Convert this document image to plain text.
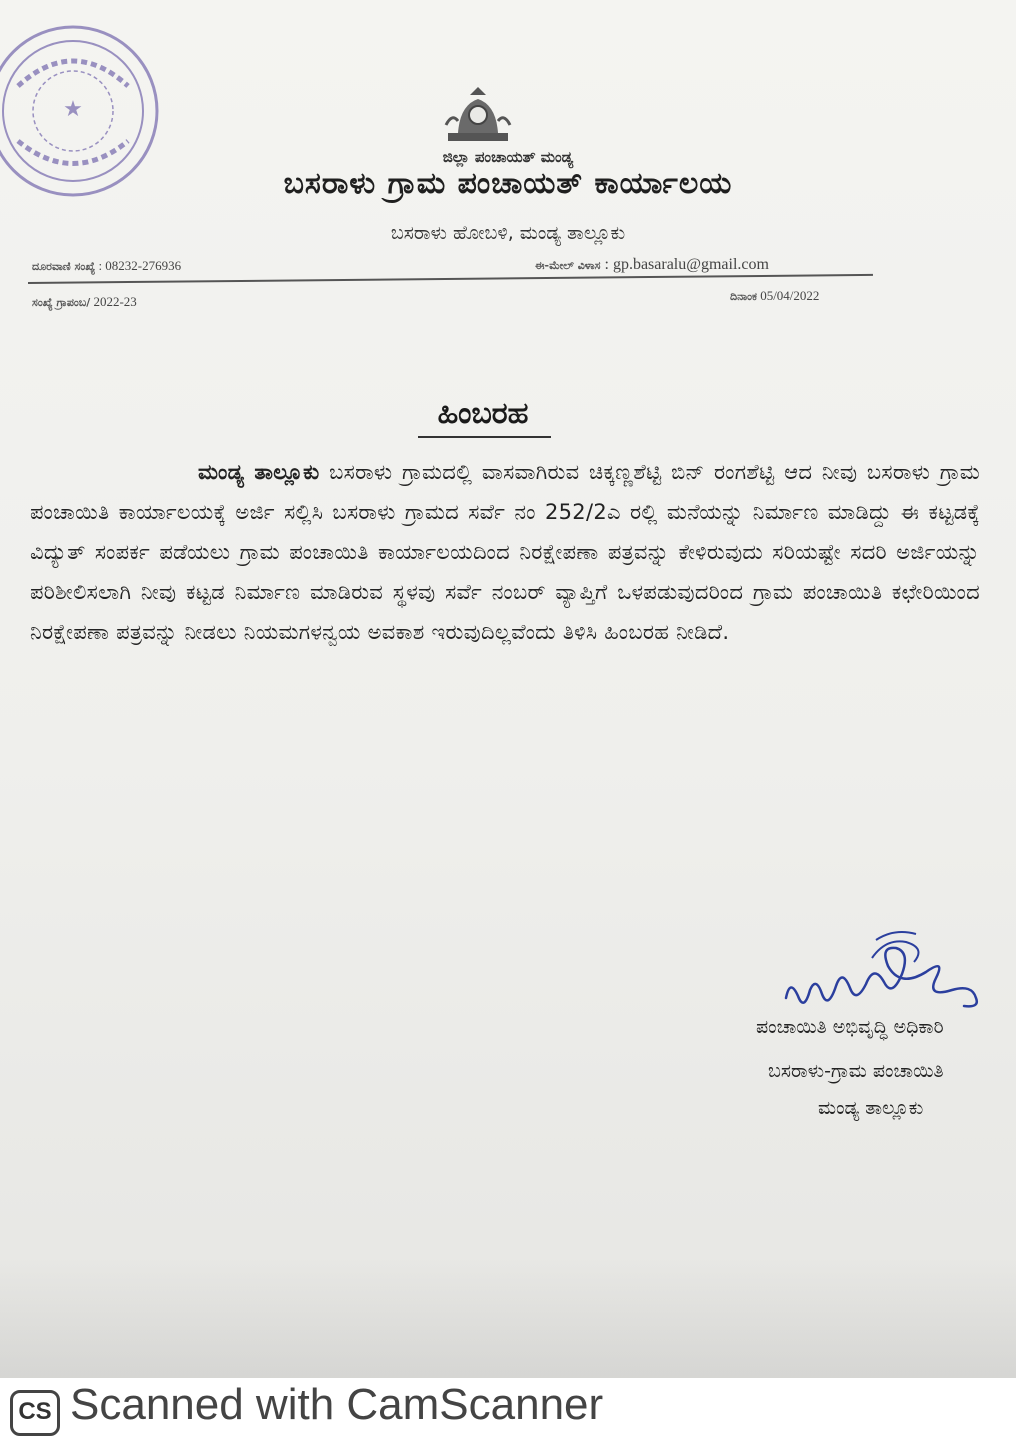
★
ಜಿಲ್ಲಾ ಪಂಚಾಯತ್ ಮಂಡ್ಯ
ಬಸರಾಳು ಗ್ರಾಮ ಪಂಚಾಯತ್ ಕಾರ್ಯಾಲಯ
ಬಸರಾಳು ಹೋಬಳಿ, ಮಂಡ್ಯ ತಾಲ್ಲೂಕು
ದೂರವಾಣಿ ಸಂಖ್ಯೆ : 08232-276936	ಈ-ಮೇಲ್ ವಿಳಾಸ : gp.basaralu@gmail.com
ಸಂಖ್ಯೆ ಗ್ರಾಪಂಬ/ 2022-23	ದಿನಾಂಕ 05/04/2022
ಹಿಂಬರಹ
ಮಂಡ್ಯ ತಾಲ್ಲೂಕು ಬಸರಾಳು ಗ್ರಾಮದಲ್ಲಿ ವಾಸವಾಗಿರುವ ಚಿಕ್ಕಣ್ಣಶೆಟ್ಟಿ ಬಿನ್ ರಂಗಶೆಟ್ಟಿ ಆದ ನೀವು ಬಸರಾಳು ಗ್ರಾಮ ಪಂಚಾಯಿತಿ ಕಾರ್ಯಾಲಯಕ್ಕೆ ಅರ್ಜಿ ಸಲ್ಲಿಸಿ ಬಸರಾಳು ಗ್ರಾಮದ ಸರ್ವೆ ನಂ 252/2ಎ ರಲ್ಲಿ ಮನೆಯನ್ನು ನಿರ್ಮಾಣ ಮಾಡಿದ್ದು ಈ ಕಟ್ಟಡಕ್ಕೆ ವಿದ್ಯುತ್ ಸಂಪರ್ಕ ಪಡೆಯಲು ಗ್ರಾಮ ಪಂಚಾಯಿತಿ ಕಾರ್ಯಾಲಯದಿಂದ ನಿರಕ್ಷೇಪಣಾ ಪತ್ರವನ್ನು ಕೇಳಿರುವುದು ಸರಿಯಷ್ಟೇ ಸದರಿ ಅರ್ಜಿಯನ್ನು ಪರಿಶೀಲಿಸಲಾಗಿ ನೀವು ಕಟ್ಟಡ ನಿರ್ಮಾಣ ಮಾಡಿರುವ ಸ್ಥಳವು ಸರ್ವೆ ನಂಬರ್ ವ್ಯಾಪ್ತಿಗೆ ಒಳಪಡುವುದರಿಂದ ಗ್ರಾಮ ಪಂಚಾಯಿತಿ ಕಛೇರಿಯಿಂದ ನಿರಕ್ಷೇಪಣಾ ಪತ್ರವನ್ನು ನೀಡಲು ನಿಯಮಗಳನ್ವಯ ಅವಕಾಶ ಇರುವುದಿಲ್ಲವೆಂದು ತಿಳಿಸಿ ಹಿಂಬರಹ ನೀಡಿದೆ.
ಪಂಚಾಯಿತಿ ಅಭಿವೃದ್ಧಿ ಅಧಿಕಾರಿ
ಬಸರಾಳು-ಗ್ರಾಮ ಪಂಚಾಯಿತಿ
ಮಂಡ್ಯ ತಾಲ್ಲೂಕು
CS Scanned with CamScanner
